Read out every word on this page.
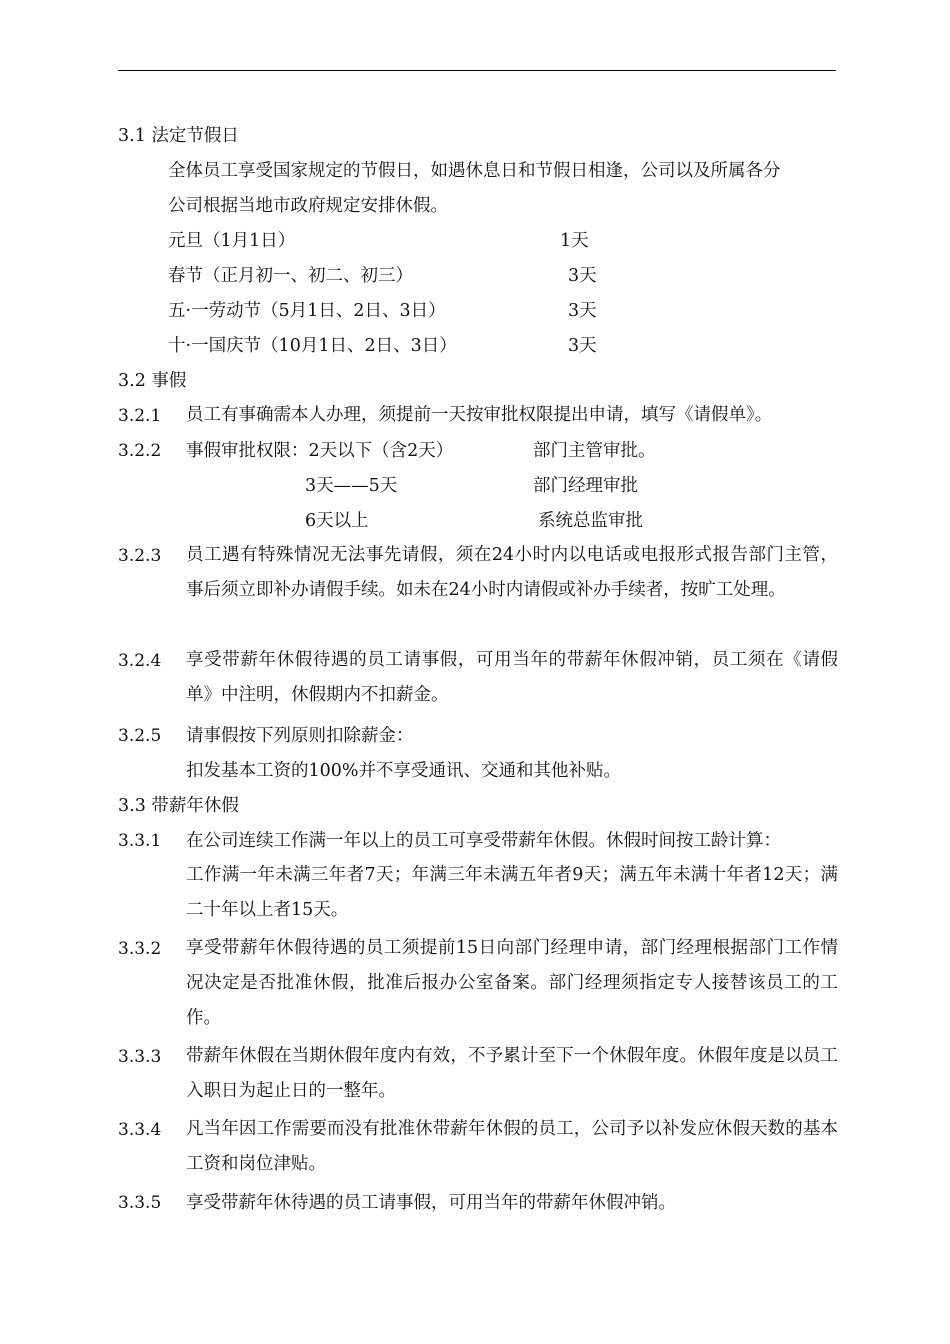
3.1 法定节假日
全体员工享受国家规定的节假日，如遇休息日和节假日相逢，公司以及所属各分
公司根据当地市政府规定安排休假。
元旦（1月1日）	1天
春节（正月初一、初二、初三）	3天
五·一劳动节（5月1日、2日、3日）	3天
十·一国庆节（10月1日、2日、3日）	3天
3.2 事假
3.2.1 员工有事确需本人办理，须提前一天按审批权限提出申请，填写《请假单》。
3.2.2 事假审批权限：2天以下（含2天）	部门主管审批。
3天——5天	部门经理审批
6天以上	系统总监审批
3.2.3 员工遇有特殊情况无法事先请假，须在24小时内以电话或电报形式报告部门主管，事后须立即补办请假手续。如未在24小时内请假或补办手续者，按旷工处理。
3.2.4 享受带薪年休假待遇的员工请事假，可用当年的带薪年休假冲销，员工须在《请假单》中注明，休假期内不扣薪金。
3.2.5 请事假按下列原则扣除薪金：
扣发基本工资的100%并不享受通讯、交通和其他补贴。
3.3 带薪年休假
3.3.1 在公司连续工作满一年以上的员工可享受带薪年休假。休假时间按工龄计算：
工作满一年未满三年者7天；年满三年未满五年者9天；满五年未满十年者12天；满二十年以上者15天。
3.3.2 享受带薪年休假待遇的员工须提前15日向部门经理申请，部门经理根据部门工作情况决定是否批准休假，批准后报办公室备案。部门经理须指定专人接替该员工的工作。
3.3.3 带薪年休假在当期休假年度内有效，不予累计至下一个休假年度。休假年度是以员工入职日为起止日的一整年。
3.3.4 凡当年因工作需要而没有批准休带薪年休假的员工，公司予以补发应休假天数的基本工资和岗位津贴。
3.3.5 享受带薪年休待遇的员工请事假，可用当年的带薪年休假冲销。
